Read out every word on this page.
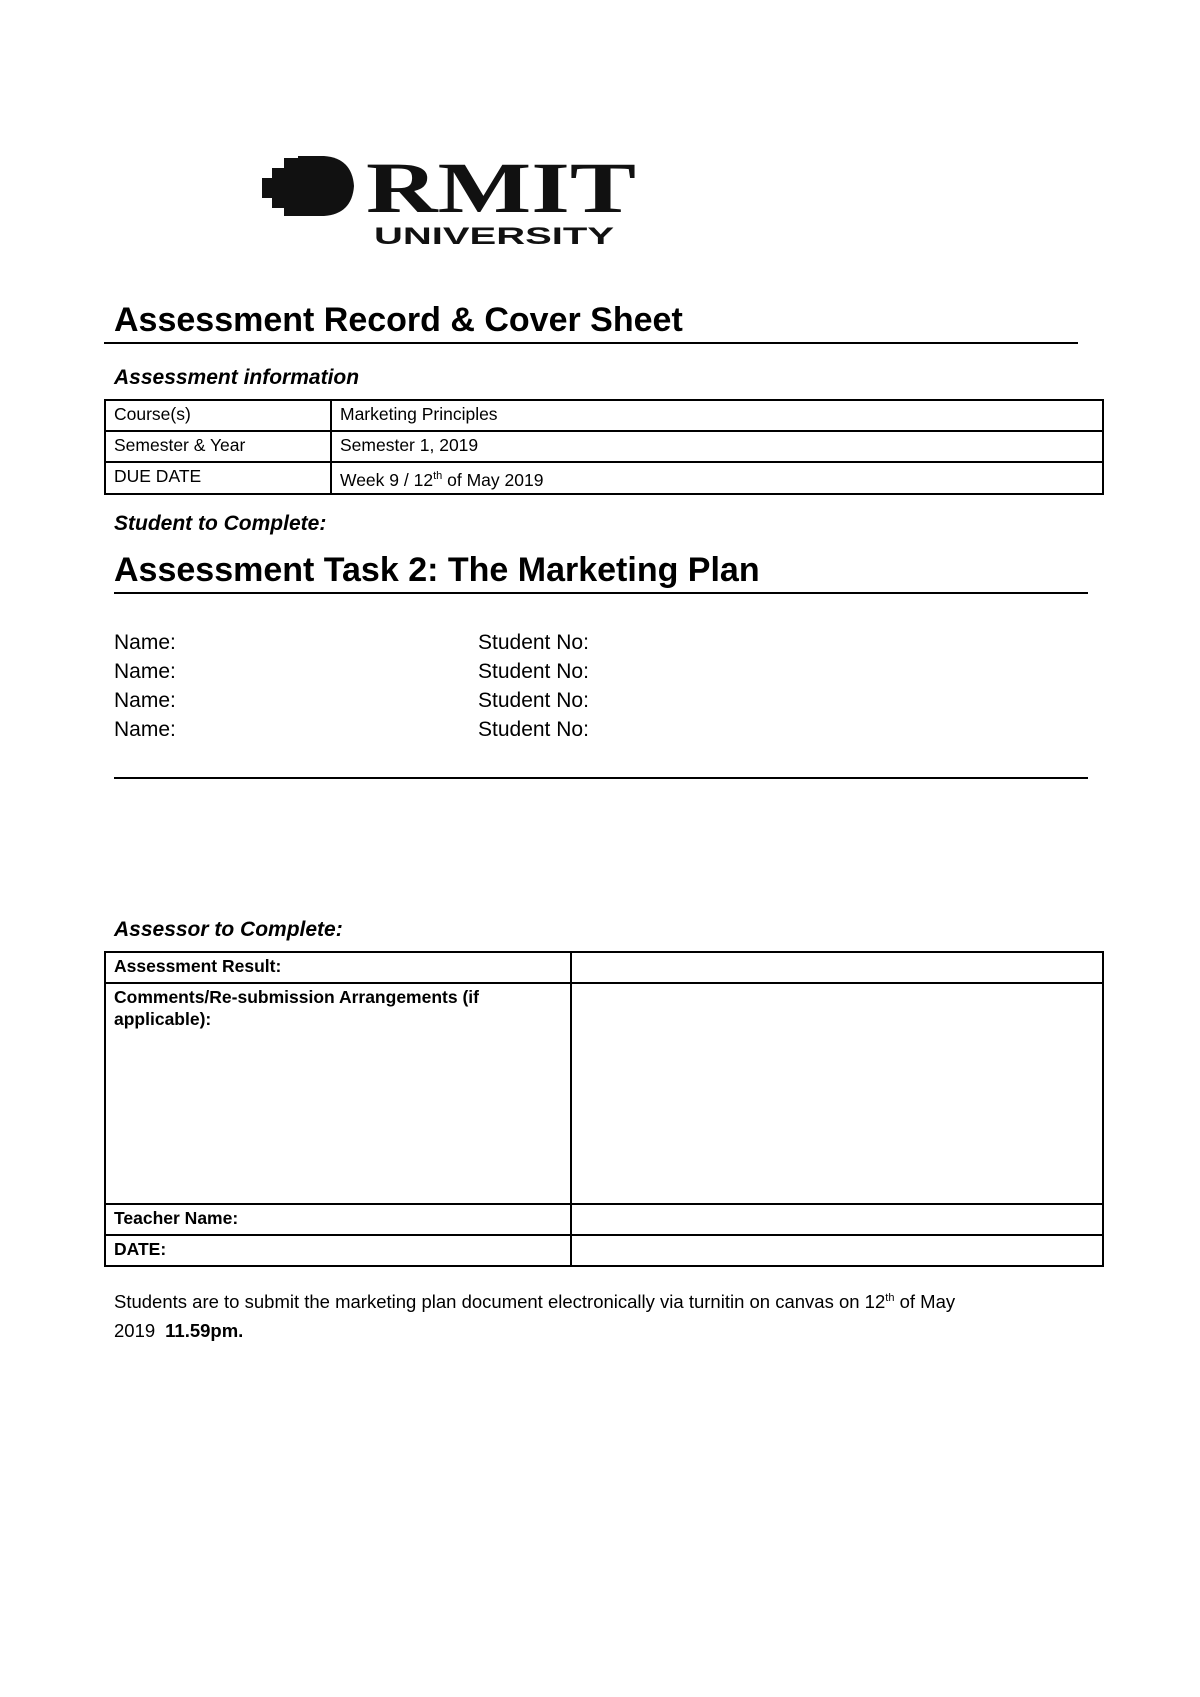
RMIT
UNIVERSITY
Assessment Record & Cover Sheet

Assessment information

Course(s)	Marketing Principles
Semester & Year	Semester 1, 2019
DUE DATE	Week 9 / 12th of May 2019

Student to Complete:

Assessment Task 2: The Marketing Plan
Name:	Student No:
Name:	Student No:
Name:	Student No:
Name:	Student No:

Assessor to Complete:

Assessment Result:	
Comments/Re-submission Arrangements (if applicable):	
Teacher Name:	
DATE:	

Students are to submit the marketing plan document electronically via turnitin on canvas on 12th of May 2019 11.59pm.
